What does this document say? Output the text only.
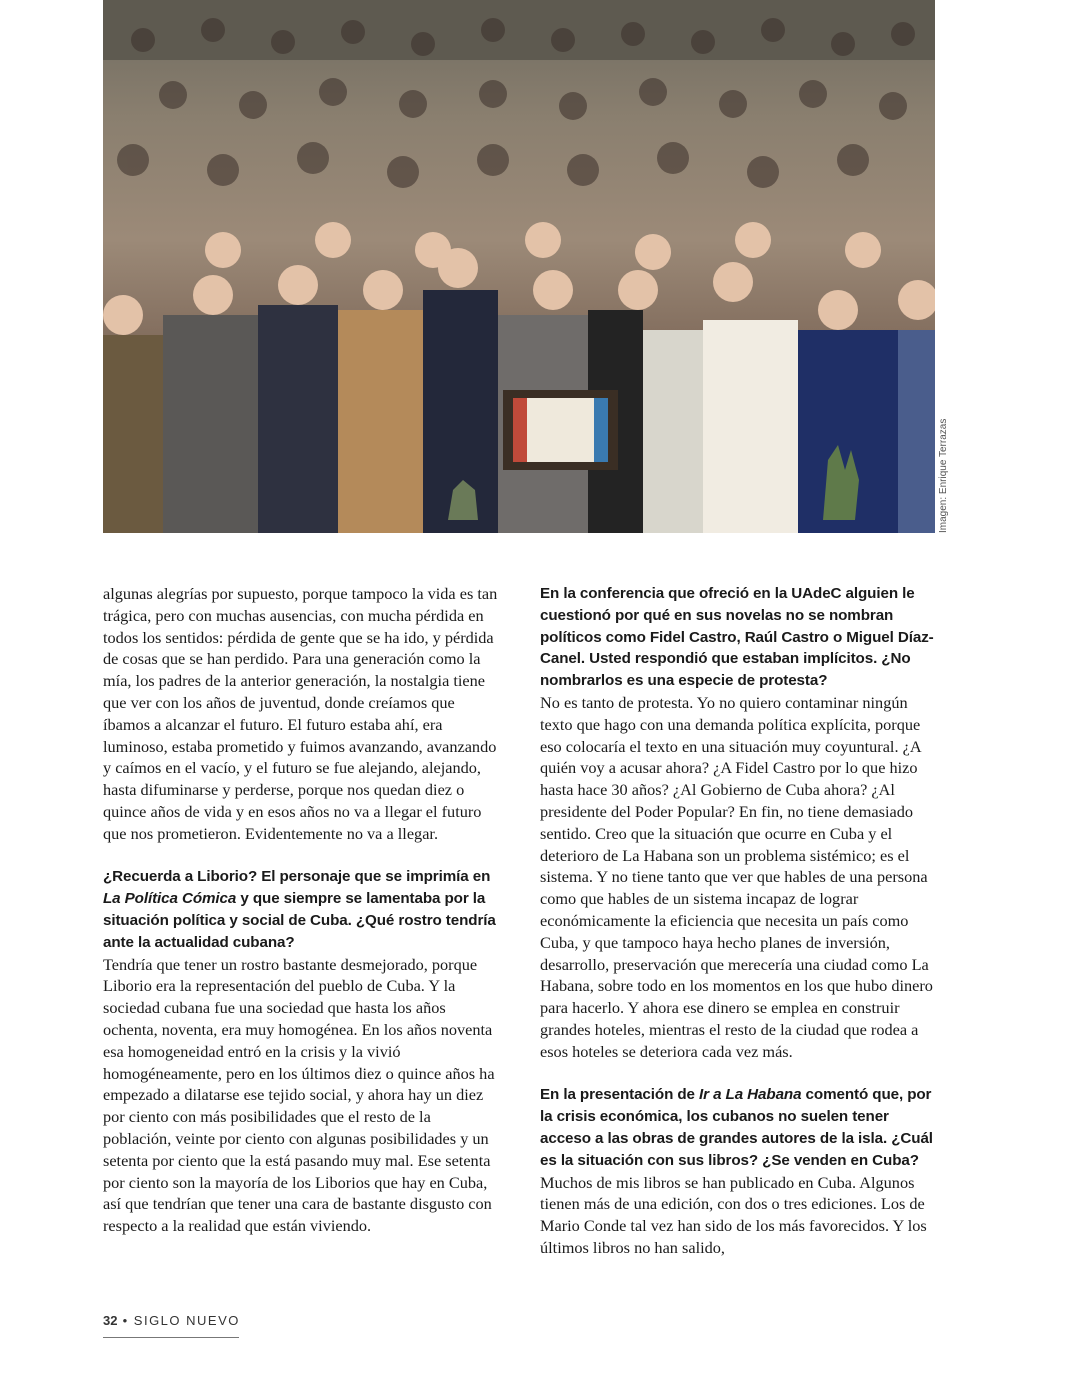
Imagen: Enrique Terrazas

algunas alegrías por supuesto, porque tampoco la vida es tan trágica, pero con muchas ausencias, con mucha pérdida en todos los sentidos: pérdida de gente que se ha ido, y pérdida de cosas que se han perdido. Para una generación como la mía, los padres de la anterior generación, la nostalgia tiene que ver con los años de juventud, donde creíamos que íbamos a alcanzar el futuro. El futuro estaba ahí, era luminoso, estaba prometido y fuimos avanzando, avanzando y caímos en el vacío, y el futuro se fue alejando, alejando, hasta difuminarse y perderse, porque nos quedan diez o quince años de vida y en esos años no va a llegar el futuro que nos prometieron. Evidentemente no va a llegar.

¿Recuerda a Liborio? El personaje que se imprimía en La Política Cómica y que siempre se lamentaba por la situación política y social de Cuba. ¿Qué rostro tendría ante la actualidad cubana?

Tendría que tener un rostro bastante desmejorado, porque Liborio era la representación del pueblo de Cuba. Y la sociedad cubana fue una sociedad que hasta los años ochenta, noventa, era muy homogénea. En los años noventa esa homogeneidad entró en la crisis y la vivió homogéneamente, pero en los últimos diez o quince años ha empezado a dilatarse ese tejido social, y ahora hay un diez por ciento con más posibilidades que el resto de la población, veinte por ciento con algunas posibilidades y un setenta por ciento que la está pasando muy mal. Ese setenta por ciento son la mayoría de los Liborios que hay en Cuba, así que tendrían que tener una cara de bastante disgusto con respecto a la realidad que están viviendo.

En la conferencia que ofreció en la UAdeC alguien le cuestionó por qué en sus novelas no se nombran políticos como Fidel Castro, Raúl Castro o Miguel Díaz-Canel. Usted respondió que estaban implícitos. ¿No nombrarlos es una especie de protesta?

No es tanto de protesta. Yo no quiero contaminar ningún texto que hago con una demanda política explícita, porque eso colocaría el texto en una situación muy coyuntural. ¿A quién voy a acusar ahora? ¿A Fidel Castro por lo que hizo hasta hace 30 años? ¿Al Gobierno de Cuba ahora? ¿Al presidente del Poder Popular? En fin, no tiene demasiado sentido. Creo que la situación que ocurre en Cuba y el deterioro de La Habana son un problema sistémico; es el sistema. Y no tiene tanto que ver que hables de una persona como que hables de un sistema incapaz de lograr económicamente la eficiencia que necesita un país como Cuba, y que tampoco haya hecho planes de inversión, desarrollo, preservación que merecería una ciudad como La Habana, sobre todo en los momentos en los que hubo dinero para hacerlo. Y ahora ese dinero se emplea en construir grandes hoteles, mientras el resto de la ciudad que rodea a esos hoteles se deteriora cada vez más.

En la presentación de Ir a La Habana comentó que, por la crisis económica, los cubanos no suelen tener acceso a las obras de grandes autores de la isla. ¿Cuál es la situación con sus libros? ¿Se venden en Cuba?

Muchos de mis libros se han publicado en Cuba. Algunos tienen más de una edición, con dos o tres ediciones. Los de Mario Conde tal vez han sido de los más favorecidos. Y los últimos libros no han salido,

32 • SIGLO NUEVO
